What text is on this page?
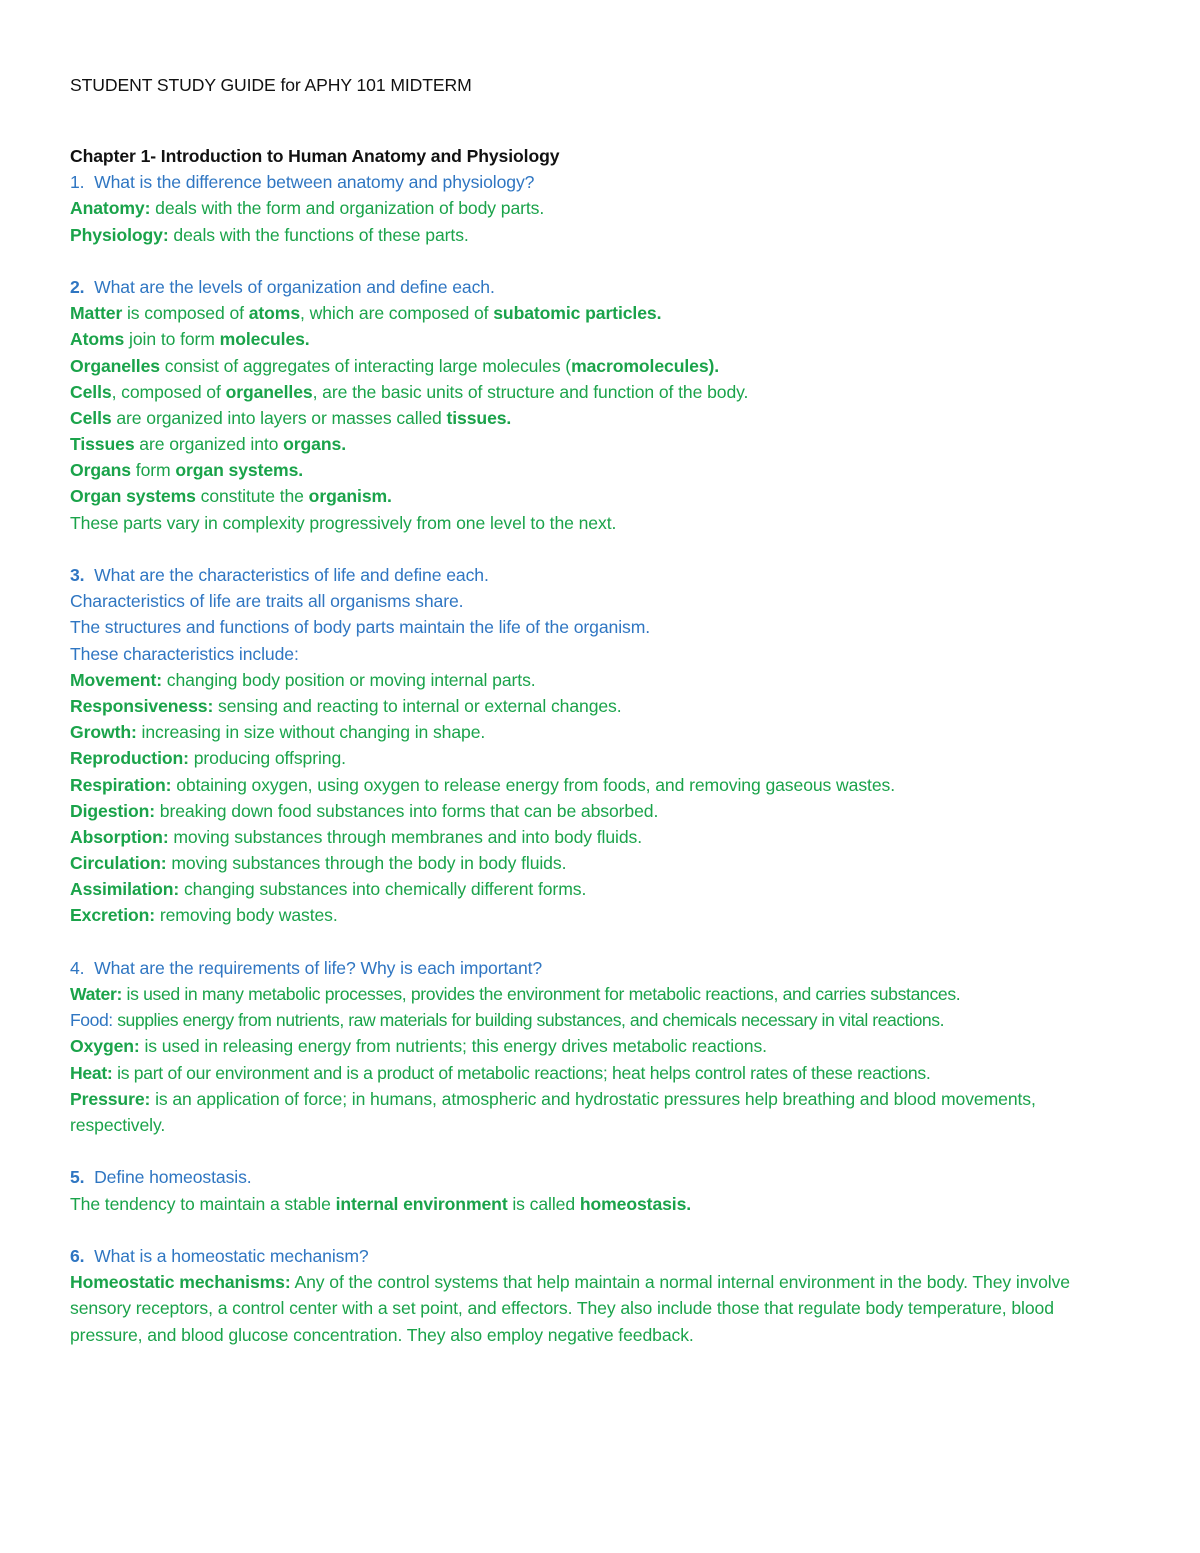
STUDENT STUDY GUIDE for APHY 101 MIDTERM
Chapter 1- Introduction to Human Anatomy and Physiology
1. What is the difference between anatomy and physiology?
Anatomy: deals with the form and organization of body parts.
Physiology: deals with the functions of these parts.
2. What are the levels of organization and define each.
Matter is composed of atoms, which are composed of subatomic particles.
Atoms join to form molecules.
Organelles consist of aggregates of interacting large molecules (macromolecules).
Cells, composed of organelles, are the basic units of structure and function of the body.
Cells are organized into layers or masses called tissues.
Tissues are organized into organs.
Organs form organ systems.
Organ systems constitute the organism.
These parts vary in complexity progressively from one level to the next.
3. What are the characteristics of life and define each.
Characteristics of life are traits all organisms share.
The structures and functions of body parts maintain the life of the organism.
These characteristics include:
Movement: changing body position or moving internal parts.
Responsiveness: sensing and reacting to internal or external changes.
Growth: increasing in size without changing in shape.
Reproduction: producing offspring.
Respiration: obtaining oxygen, using oxygen to release energy from foods, and removing gaseous wastes.
Digestion: breaking down food substances into forms that can be absorbed.
Absorption: moving substances through membranes and into body fluids.
Circulation: moving substances through the body in body fluids.
Assimilation: changing substances into chemically different forms.
Excretion: removing body wastes.
4. What are the requirements of life? Why is each important?
Water: is used in many metabolic processes, provides the environment for metabolic reactions, and carries substances.
Food: supplies energy from nutrients, raw materials for building substances, and chemicals necessary in vital reactions.
Oxygen: is used in releasing energy from nutrients; this energy drives metabolic reactions.
Heat: is part of our environment and is a product of metabolic reactions; heat helps control rates of these reactions.
Pressure: is an application of force; in humans, atmospheric and hydrostatic pressures help breathing and blood movements, respectively.
5. Define homeostasis.
The tendency to maintain a stable internal environment is called homeostasis.
6. What is a homeostatic mechanism?
Homeostatic mechanisms: Any of the control systems that help maintain a normal internal environment in the body. They involve sensory receptors, a control center with a set point, and effectors. They also include those that regulate body temperature, blood pressure, and blood glucose concentration. They also employ negative feedback.
